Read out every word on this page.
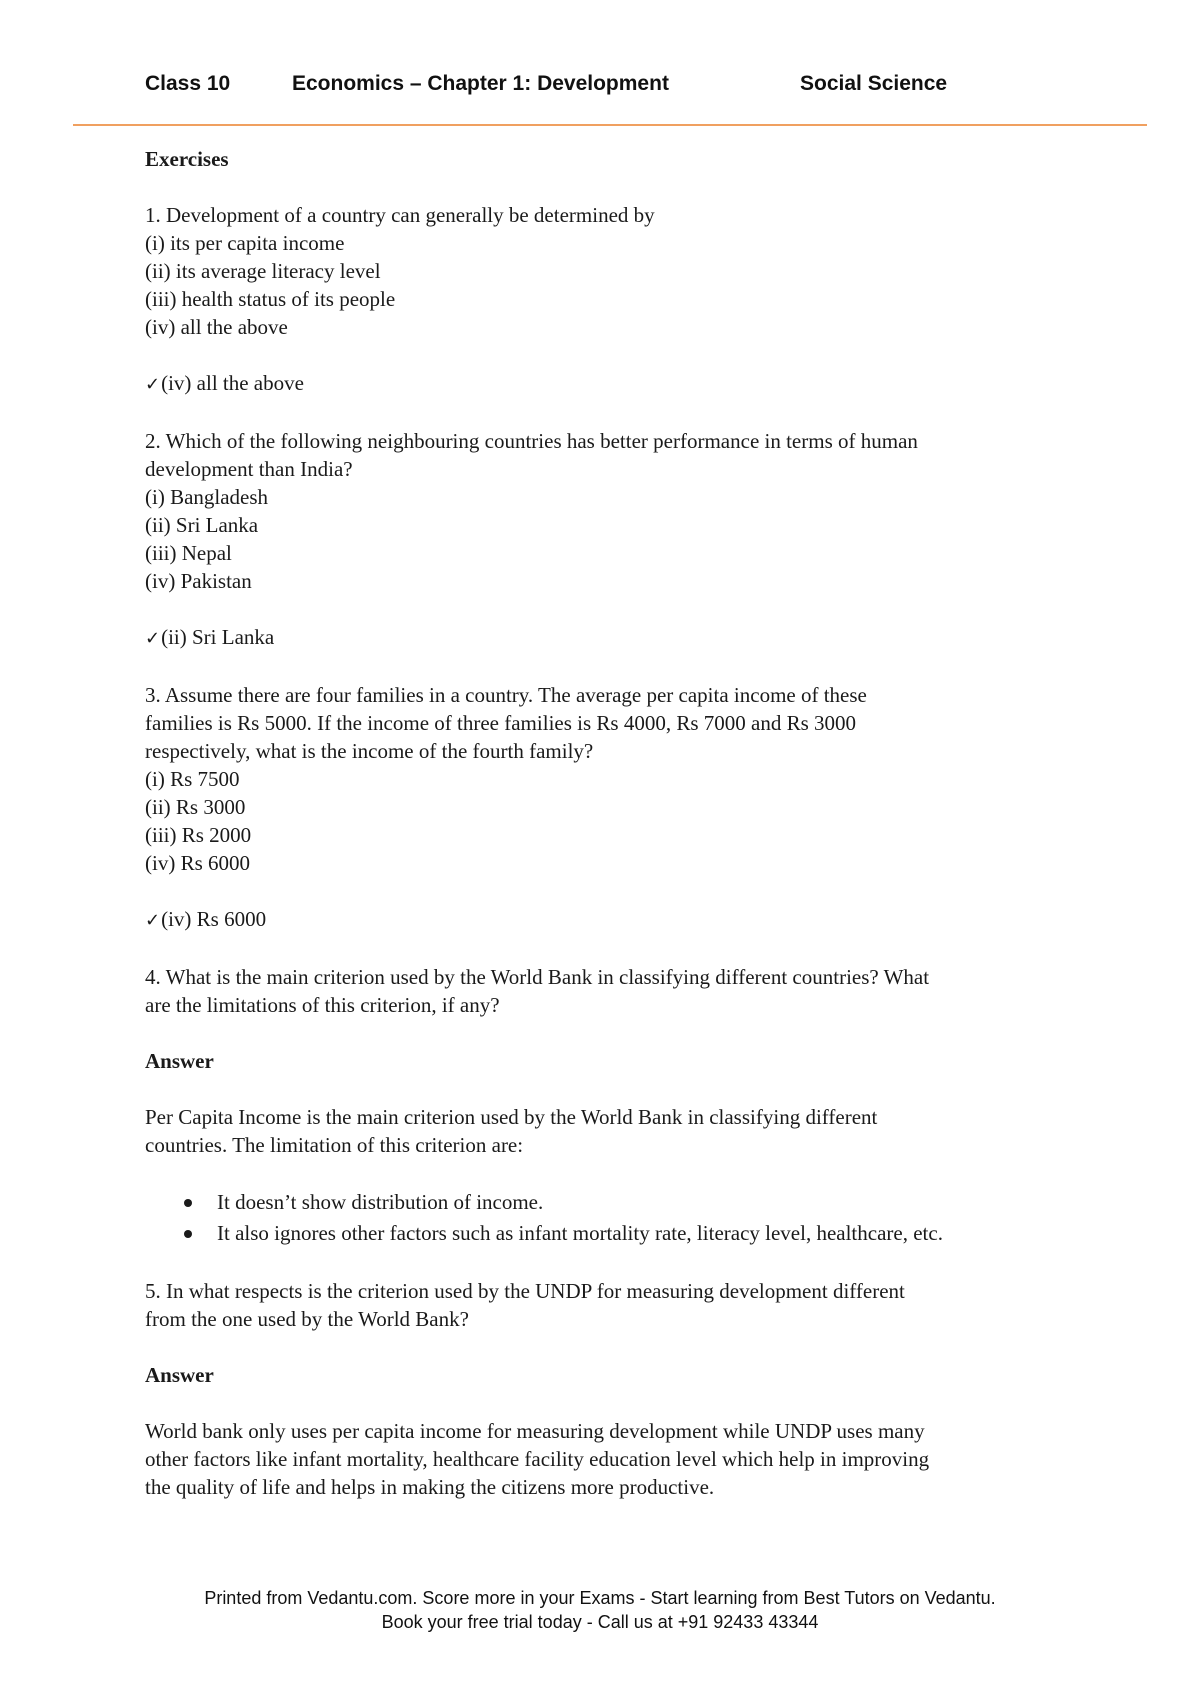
Class 10	Economics – Chapter 1: Development	Social Science

Exercises

1. Development of a country can generally be determined by

(i) its per capita income

(ii) its average literacy level

(iii) health status of its people

(iv) all the above

✓(iv) all the above

2. Which of the following neighbouring countries has better performance in terms of human

development than India?

(i) Bangladesh

(ii) Sri Lanka

(iii) Nepal

(iv) Pakistan

✓(ii) Sri Lanka

3. Assume there are four families in a country. The average per capita income of these

families is Rs 5000. If the income of three families is Rs 4000, Rs 7000 and Rs 3000

respectively, what is the income of the fourth family?

(i) Rs 7500

(ii) Rs 3000

(iii) Rs 2000

(iv) Rs 6000

✓(iv) Rs 6000

4. What is the main criterion used by the World Bank in classifying different countries? What

are the limitations of this criterion, if any?

Answer

Per Capita Income is the main criterion used by the World Bank in classifying different

countries. The limitation of this criterion are:

It doesn’t show distribution of income.
It also ignores other factors such as infant mortality rate, literacy level, healthcare, etc.

5. In what respects is the criterion used by the UNDP for measuring development different

from the one used by the World Bank?

Answer

World bank only uses per capita income for measuring development while UNDP uses many

other factors like infant mortality, healthcare facility education level which help in improving

the quality of life and helps in making the citizens more productive.

Printed from Vedantu.com. Score more in your Exams - Start learning from Best Tutors on Vedantu.
Book your free trial today - Call us at +91 92433 43344
